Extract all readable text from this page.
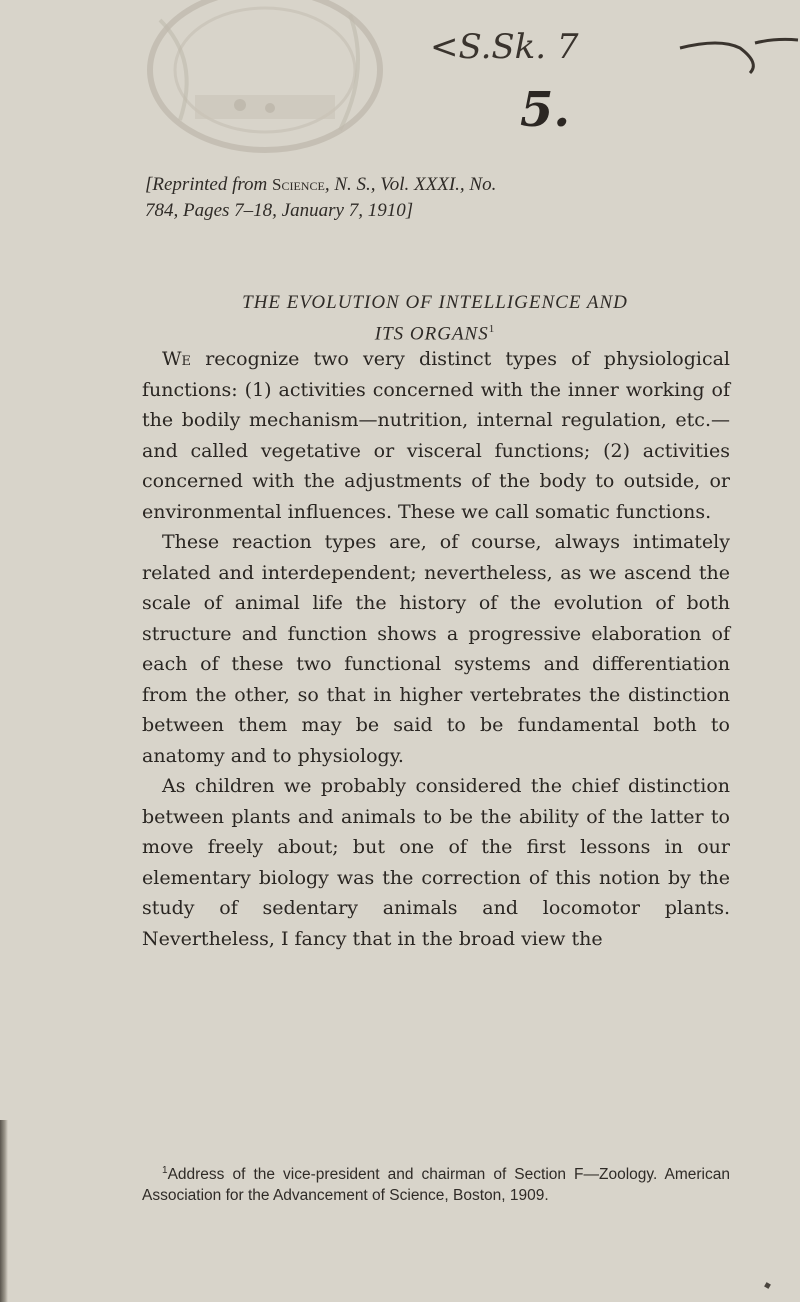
<S.Sk. 7
5.
[Reprinted from Science, N. S., Vol. XXXI., No.
784, Pages 7–18, January 7, 1910]
THE EVOLUTION OF INTELLIGENCE AND
ITS ORGANS$^1$

We recognize two very distinct types of physiological functions: (1) activities concerned with the inner working of the bodily mechanism—nutrition, internal regulation, etc.—and called vegetative or visceral functions; (2) activities concerned with the adjustments of the body to outside, or environmental influences. These we call somatic functions.

These reaction types are, of course, always intimately related and interdependent; nevertheless, as we ascend the scale of animal life the history of the evolution of both structure and function shows a progressive elaboration of each of these two functional systems and differentiation from the other, so that in higher vertebrates the distinction between them may be said to be fundamental both to anatomy and to physiology.

As children we probably considered the chief distinction between plants and animals to be the ability of the latter to move freely about; but one of the first lessons in our elementary biology was the correction of this notion by the study of sedentary animals and locomotor plants. Nevertheless, I fancy that in the broad view the

$^1$Address of the vice-president and chairman of Section F—Zoology. American Association for the Advancement of Science, Boston, 1909.
